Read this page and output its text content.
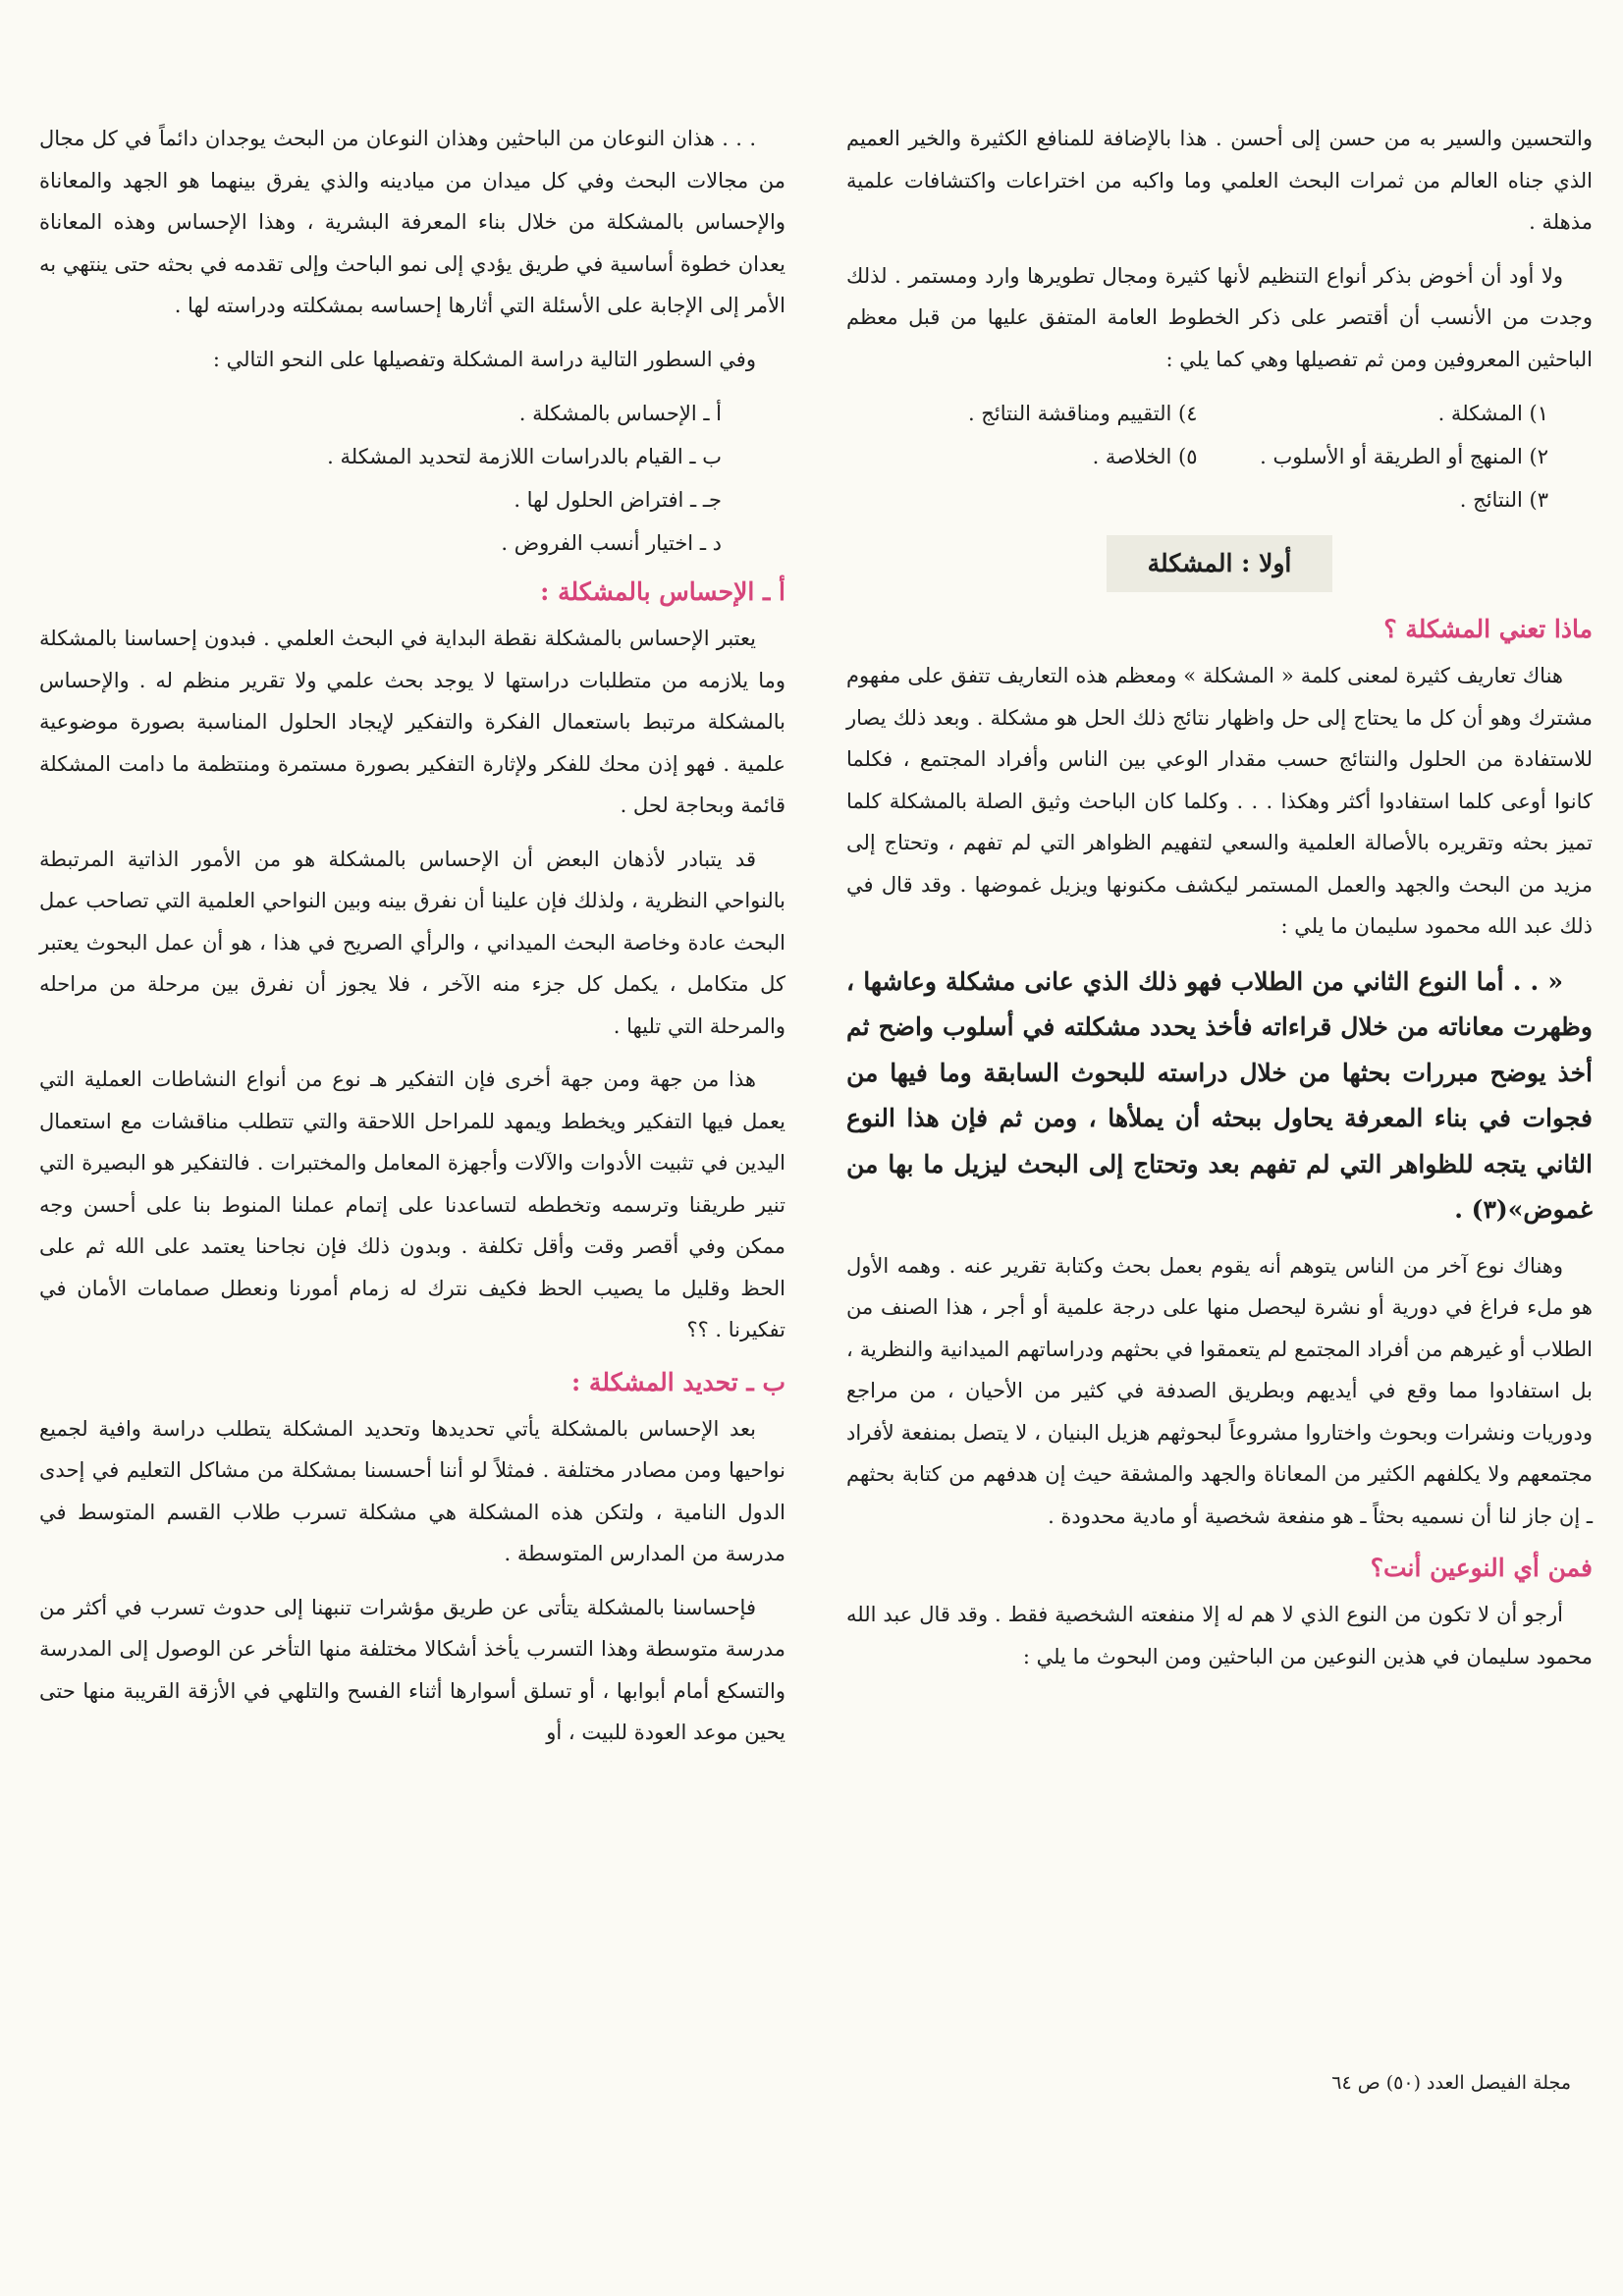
والتحسين والسير به من حسن إلى أحسن . هذا بالإضافة للمنافع الكثيرة والخير العميم الذي جناه العالم من ثمرات البحث العلمي وما واكبه من اختراعات واكتشافات علمية مذهلة .

ولا أود أن أخوض بذكر أنواع التنظيم لأنها كثيرة ومجال تطويرها وارد ومستمر . لذلك وجدت من الأنسب أن أقتصر على ذكر الخطوط العامة المتفق عليها من قبل معظم الباحثين المعروفين ومن ثم تفصيلها وهي كما يلي :

١) المشكلة .
٤) التقييم ومناقشة النتائج .
٢) المنهج أو الطريقة أو الأسلوب .
٥) الخلاصة .
٣) النتائج .
أولا : المشكلة
ماذا تعني المشكلة ؟

هناك تعاريف كثيرة لمعنى كلمة « المشكلة » ومعظم هذه التعاريف تتفق على مفهوم مشترك وهو أن كل ما يحتاج إلى حل واظهار نتائج ذلك الحل هو مشكلة . وبعد ذلك يصار للاستفادة من الحلول والنتائج حسب مقدار الوعي بين الناس وأفراد المجتمع ، فكلما كانوا أوعى كلما استفادوا أكثر وهكذا . . . وكلما كان الباحث وثيق الصلة بالمشكلة كلما تميز بحثه وتقريره بالأصالة العلمية والسعي لتفهيم الظواهر التي لم تفهم ، وتحتاج إلى مزيد من البحث والجهد والعمل المستمر ليكشف مكنونها ويزيل غموضها . وقد قال في ذلك عبد الله محمود سليمان ما يلي :

« . . أما النوع الثاني من الطلاب فهو ذلك الذي عانى مشكلة وعاشها ، وظهرت معاناته من خلال قراءاته فأخذ يحدد مشكلته في أسلوب واضح ثم أخذ يوضح مبررات بحثها من خلال دراسته للبحوث السابقة وما فيها من فجوات في بناء المعرفة يحاول ببحثه أن يملأها ، ومن ثم فإن هذا النوع الثاني يتجه للظواهر التي لم تفهم بعد وتحتاج إلى البحث ليزيل ما بها من غموض»(٣) .

وهناك نوع آخر من الناس يتوهم أنه يقوم بعمل بحث وكتابة تقرير عنه . وهمه الأول هو ملء فراغ في دورية أو نشرة ليحصل منها على درجة علمية أو أجر ، هذا الصنف من الطلاب أو غيرهم من أفراد المجتمع لم يتعمقوا في بحثهم ودراساتهم الميدانية والنظرية ، بل استفادوا مما وقع في أيديهم وبطريق الصدفة في كثير من الأحيان ، من مراجع ودوريات ونشرات وبحوث واختاروا مشروعاً لبحوثهم هزيل البنيان ، لا يتصل بمنفعة لأفراد مجتمعهم ولا يكلفهم الكثير من المعاناة والجهد والمشقة حيث إن هدفهم من كتابة بحثهم ـ إن جاز لنا أن نسميه بحثاً ـ هو منفعة شخصية أو مادية محدودة .

فمن أي النوعين أنت؟

أرجو أن لا تكون من النوع الذي لا هم له إلا منفعته الشخصية فقط . وقد قال عبد الله محمود سليمان في هذين النوعين من الباحثين ومن البحوث ما يلي :

. . . هذان النوعان من الباحثين وهذان النوعان من البحث يوجدان دائماً في كل مجال من مجالات البحث وفي كل ميدان من ميادينه والذي يفرق بينهما هو الجهد والمعاناة والإحساس بالمشكلة من خلال بناء المعرفة البشرية ، وهذا الإحساس وهذه المعاناة يعدان خطوة أساسية في طريق يؤدي إلى نمو الباحث وإلى تقدمه في بحثه حتى ينتهي به الأمر إلى الإجابة على الأسئلة التي أثارها إحساسه بمشكلته ودراسته لها .

وفي السطور التالية دراسة المشكلة وتفصيلها على النحو التالي :

أ ـ الإحساس بالمشكلة .
ب ـ القيام بالدراسات اللازمة لتحديد المشكلة .
جـ ـ افتراض الحلول لها .
د ـ اختيار أنسب الفروض .
أ ـ الإحساس بالمشكلة :

يعتبر الإحساس بالمشكلة نقطة البداية في البحث العلمي . فبدون إحساسنا بالمشكلة وما يلازمه من متطلبات دراستها لا يوجد بحث علمي ولا تقرير منظم له . والإحساس بالمشكلة مرتبط باستعمال الفكرة والتفكير لإيجاد الحلول المناسبة بصورة موضوعية علمية . فهو إذن محك للفكر ولإثارة التفكير بصورة مستمرة ومنتظمة ما دامت المشكلة قائمة وبحاجة لحل .

قد يتبادر لأذهان البعض أن الإحساس بالمشكلة هو من الأمور الذاتية المرتبطة بالنواحي النظرية ، ولذلك فإن علينا أن نفرق بينه وبين النواحي العلمية التي تصاحب عمل البحث عادة وخاصة البحث الميداني ، والرأي الصريح في هذا ، هو أن عمل البحوث يعتبر كل متكامل ، يكمل كل جزء منه الآخر ، فلا يجوز أن نفرق بين مرحلة من مراحله والمرحلة التي تليها .

هذا من جهة ومن جهة أخرى فإن التفكير هـ نوع من أنواع النشاطات العملية التي يعمل فيها التفكير ويخطط ويمهد للمراحل اللاحقة والتي تتطلب مناقشات مع استعمال اليدين في تثبيت الأدوات والآلات وأجهزة المعامل والمختبرات . فالتفكير هو البصيرة التي تنير طريقنا وترسمه وتخططه لتساعدنا على إتمام عملنا المنوط بنا على أحسن وجه ممكن وفي أقصر وقت وأقل تكلفة . وبدون ذلك فإن نجاحنا يعتمد على الله ثم على الحظ وقليل ما يصيب الحظ فكيف نترك له زمام أمورنا ونعطل صمامات الأمان في تفكيرنا . ؟؟

ب ـ تحديد المشكلة :

بعد الإحساس بالمشكلة يأتي تحديدها وتحديد المشكلة يتطلب دراسة وافية لجميع نواحيها ومن مصادر مختلفة . فمثلاً لو أننا أحسسنا بمشكلة من مشاكل التعليم في إحدى الدول النامية ، ولتكن هذه المشكلة هي مشكلة تسرب طلاب القسم المتوسط في مدرسة من المدارس المتوسطة .

فإحساسنا بالمشكلة يتأتى عن طريق مؤشرات تنبهنا إلى حدوث تسرب في أكثر من مدرسة متوسطة وهذا التسرب يأخذ أشكالا مختلفة منها التأخر عن الوصول إلى المدرسة والتسكع أمام أبوابها ، أو تسلق أسوارها أثناء الفسح والتلهي في الأزقة القريبة منها حتى يحين موعد العودة للبيت ، أو

مجلة الفيصل العدد (٥٠) ص ٦٤
